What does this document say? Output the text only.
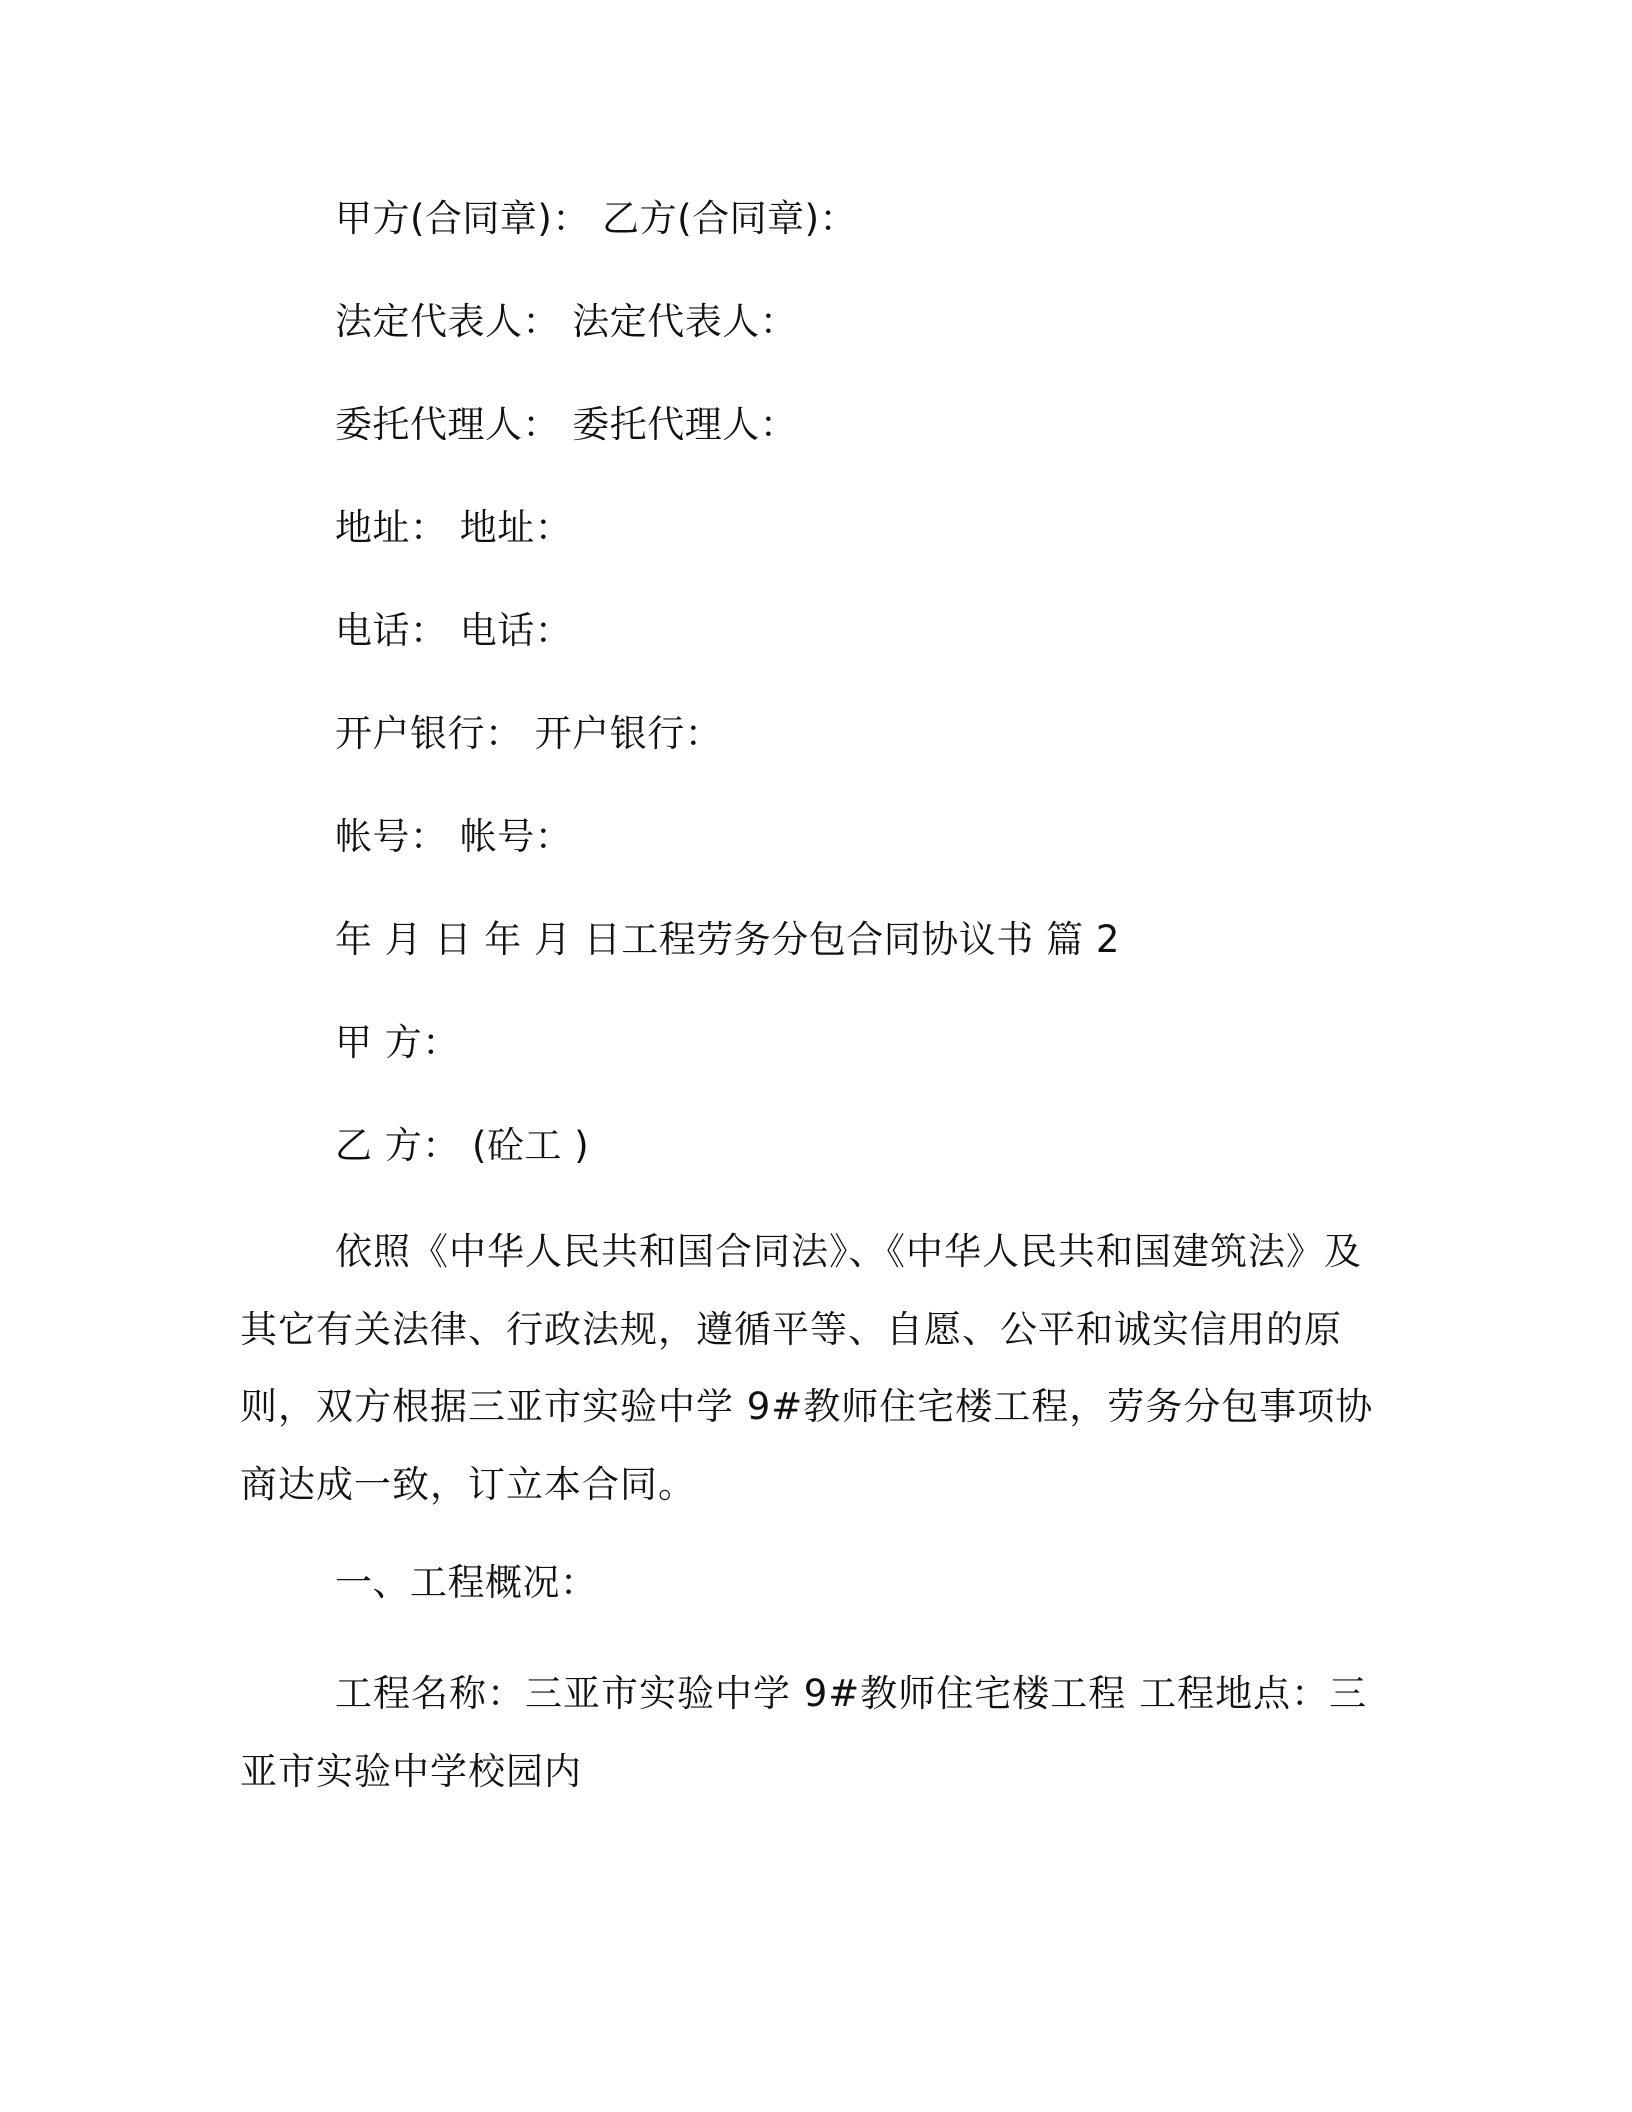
甲方(合同章)： 乙方(合同章)：
法定代表人： 法定代表人：
委托代理人： 委托代理人：
地址： 地址：
电话： 电话：
开户银行： 开户银行：
帐号： 帐号：
年 月 日 年 月 日工程劳务分包合同协议书 篇 2
甲 方：
乙 方： (砼工 )
依照《中华人民共和国合同法》、《中华人民共和国建筑法》及其它有关法律、行政法规，遵循平等、自愿、公平和诚实信用的原则，双方根据三亚市实验中学 9#教师住宅楼工程，劳务分包事项协商达成一致，订立本合同。
一、工程概况：
工程名称：三亚市实验中学 9#教师住宅楼工程 工程地点：三亚市实验中学校园内
